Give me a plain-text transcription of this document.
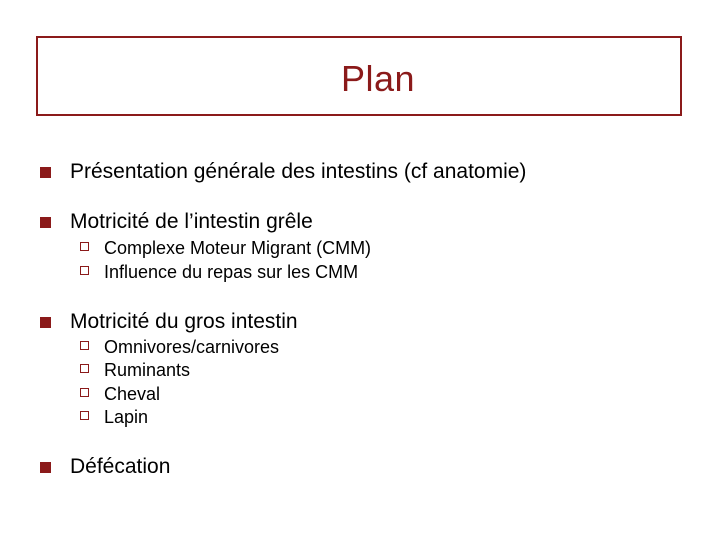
Plan
Présentation générale des intestins (cf anatomie)
Motricité de l’intestin grêle
Complexe Moteur Migrant (CMM)
Influence du repas sur les CMM
Motricité du gros intestin
Omnivores/carnivores
Ruminants
Cheval
Lapin
Défécation
